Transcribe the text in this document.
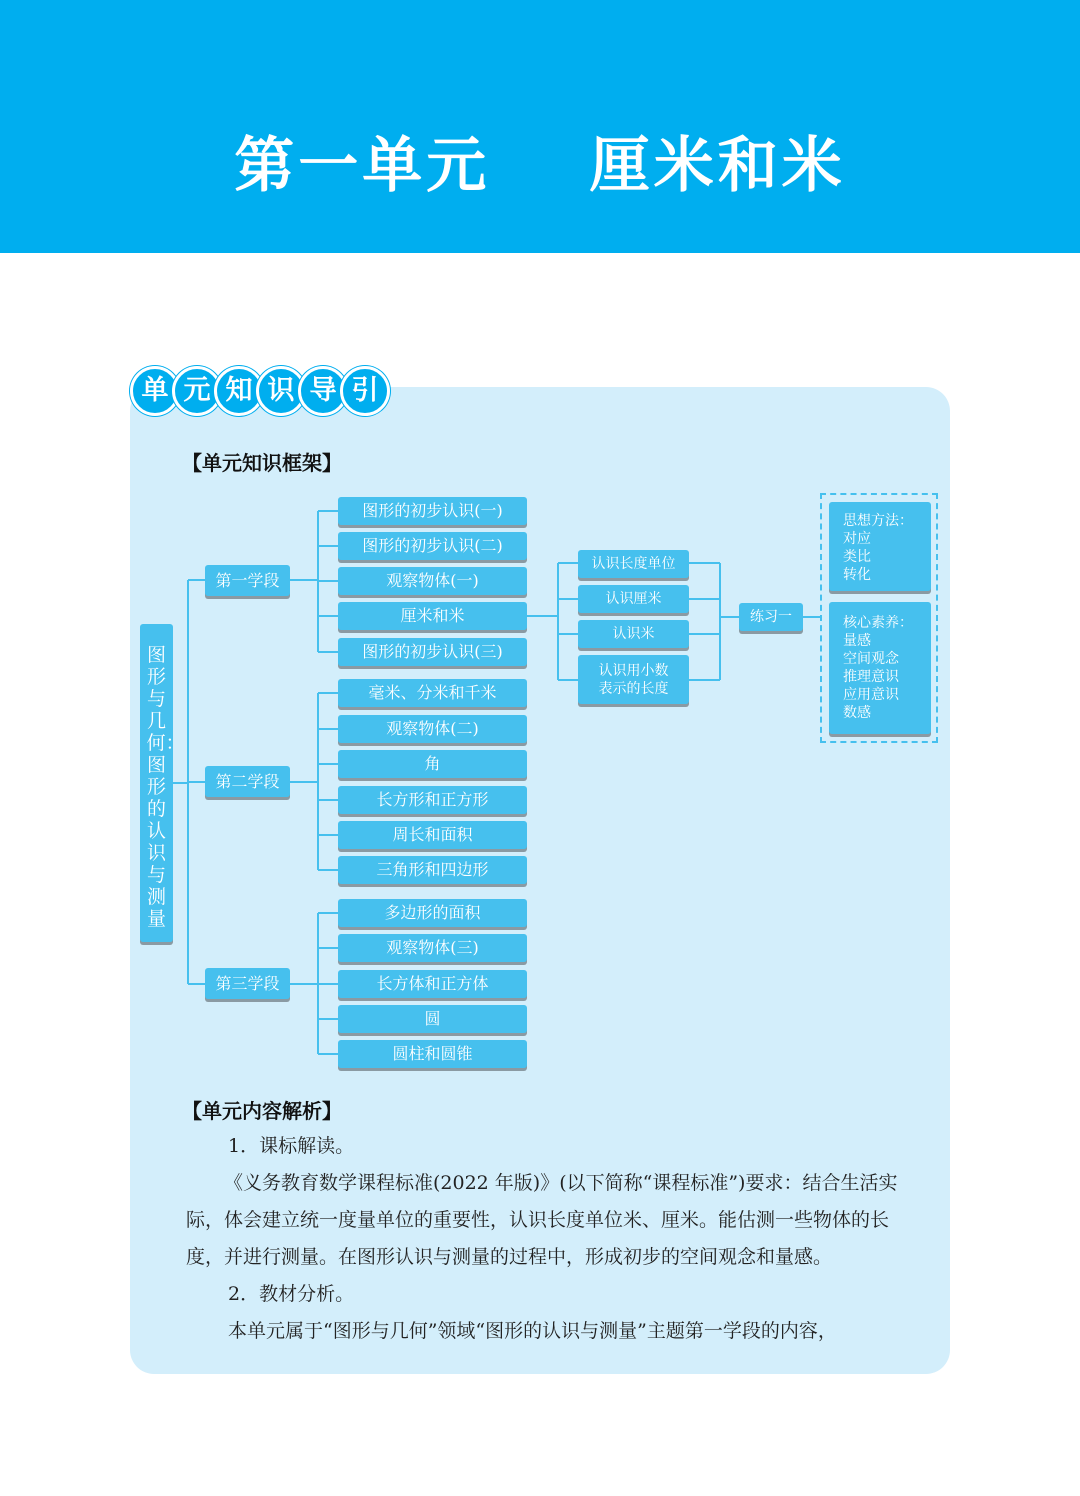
第一单元    厘米和米
单 元 知 识 导 引
【单元知识框架】
图形与几何：图形的认识与测量
第一学段
第二学段
第三学段
图形的初步认识(一)
图形的初步认识(二)
观察物体(一)
厘米和米
图形的初步认识(三)
毫米、分米和千米
观察物体(二)
角
长方形和正方形
周长和面积
三角形和四边形
多边形的面积
观察物体(三)
长方体和正方体
圆
圆柱和圆锥
认识长度单位
认识厘米
认识米
认识用小数
表示的长度
练习一
思想方法：
对应
类比
转化
核心素养：
量感
空间观念
推理意识
应用意识
数感
【单元内容解析】
1．课标解读。
《义务教育数学课程标准(2022 年版)》(以下简称“课程标准”)要求：结合生活实际，体会建立统一度量单位的重要性，认识长度单位米、厘米。能估测一些物体的长度，并进行测量。在图形认识与测量的过程中，形成初步的空间观念和量感。
2．教材分析。
本单元属于“图形与几何”领域“图形的认识与测量”主题第一学段的内容，
